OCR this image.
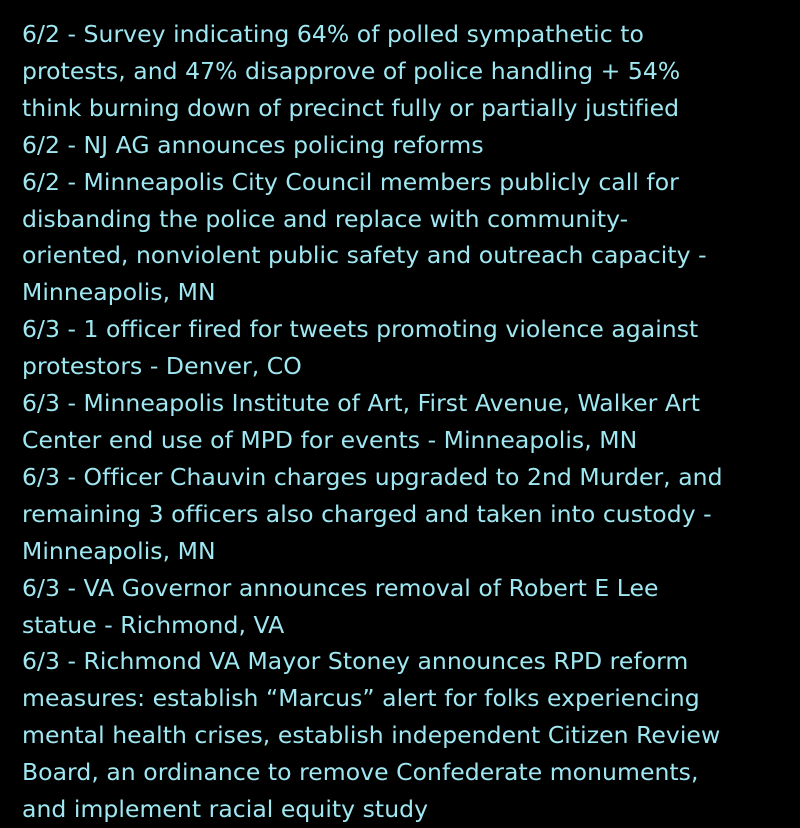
6/2 - Survey indicating 64% of polled sympathetic to
protests, and 47% disapprove of police handling + 54%
think burning down of precinct fully or partially justified
6/2 - NJ AG announces policing reforms
6/2 - Minneapolis City Council members publicly call for
disbanding the police and replace with community-
oriented, nonviolent public safety and outreach capacity -
Minneapolis, MN
6/3 - 1 officer fired for tweets promoting violence against
protestors - Denver, CO
6/3 - Minneapolis Institute of Art, First Avenue, Walker Art
Center end use of MPD for events - Minneapolis, MN
6/3 - Officer Chauvin charges upgraded to 2nd Murder, and
remaining 3 officers also charged and taken into custody -
Minneapolis, MN
6/3 - VA Governor announces removal of Robert E Lee
statue - Richmond, VA
6/3 - Richmond VA Mayor Stoney announces RPD reform
measures: establish “Marcus” alert for folks experiencing
mental health crises, establish independent Citizen Review
Board, an ordinance to remove Confederate monuments,
and implement racial equity study
